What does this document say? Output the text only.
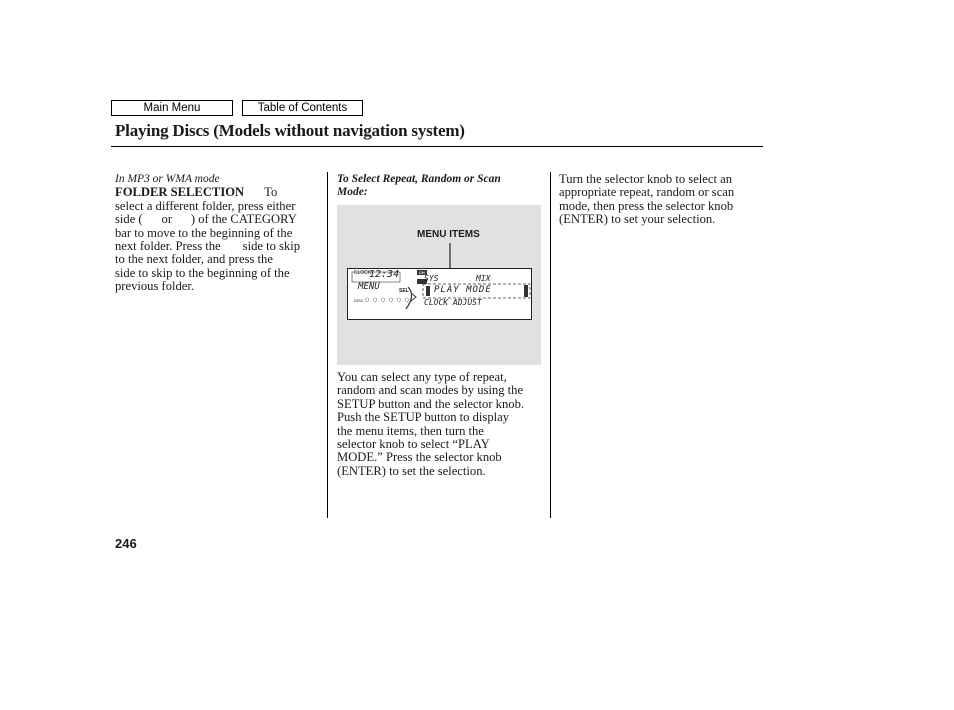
Main Menu	Table of Contents
Playing Discs (Models without navigation system)
In MP3 or WMA mode
FOLDER SELECTION To
select a different folder, press either
side (      or      ) of the CATEGORY
bar to move to the beginning of the
next folder. Press the       side to skip
to the next folder, and press the
side to skip to the beginning of the
previous folder.
To Select Repeat, Random or Scan
Mode:
MENU ITEMS
CLOCK
12:34
MENU	SEL
CH
SYS	MIX
PLAY MODE
CLOCK ADJUST
DISC ○ ○ ○ ○ ○ ○
You can select any type of repeat,
random and scan modes by using the
SETUP button and the selector knob.
Push the SETUP button to display
the menu items, then turn the
selector knob to select “PLAY
MODE.” Press the selector knob
(ENTER) to set the selection.
Turn the selector knob to select an
appropriate repeat, random or scan
mode, then press the selector knob
(ENTER) to set your selection.
246
